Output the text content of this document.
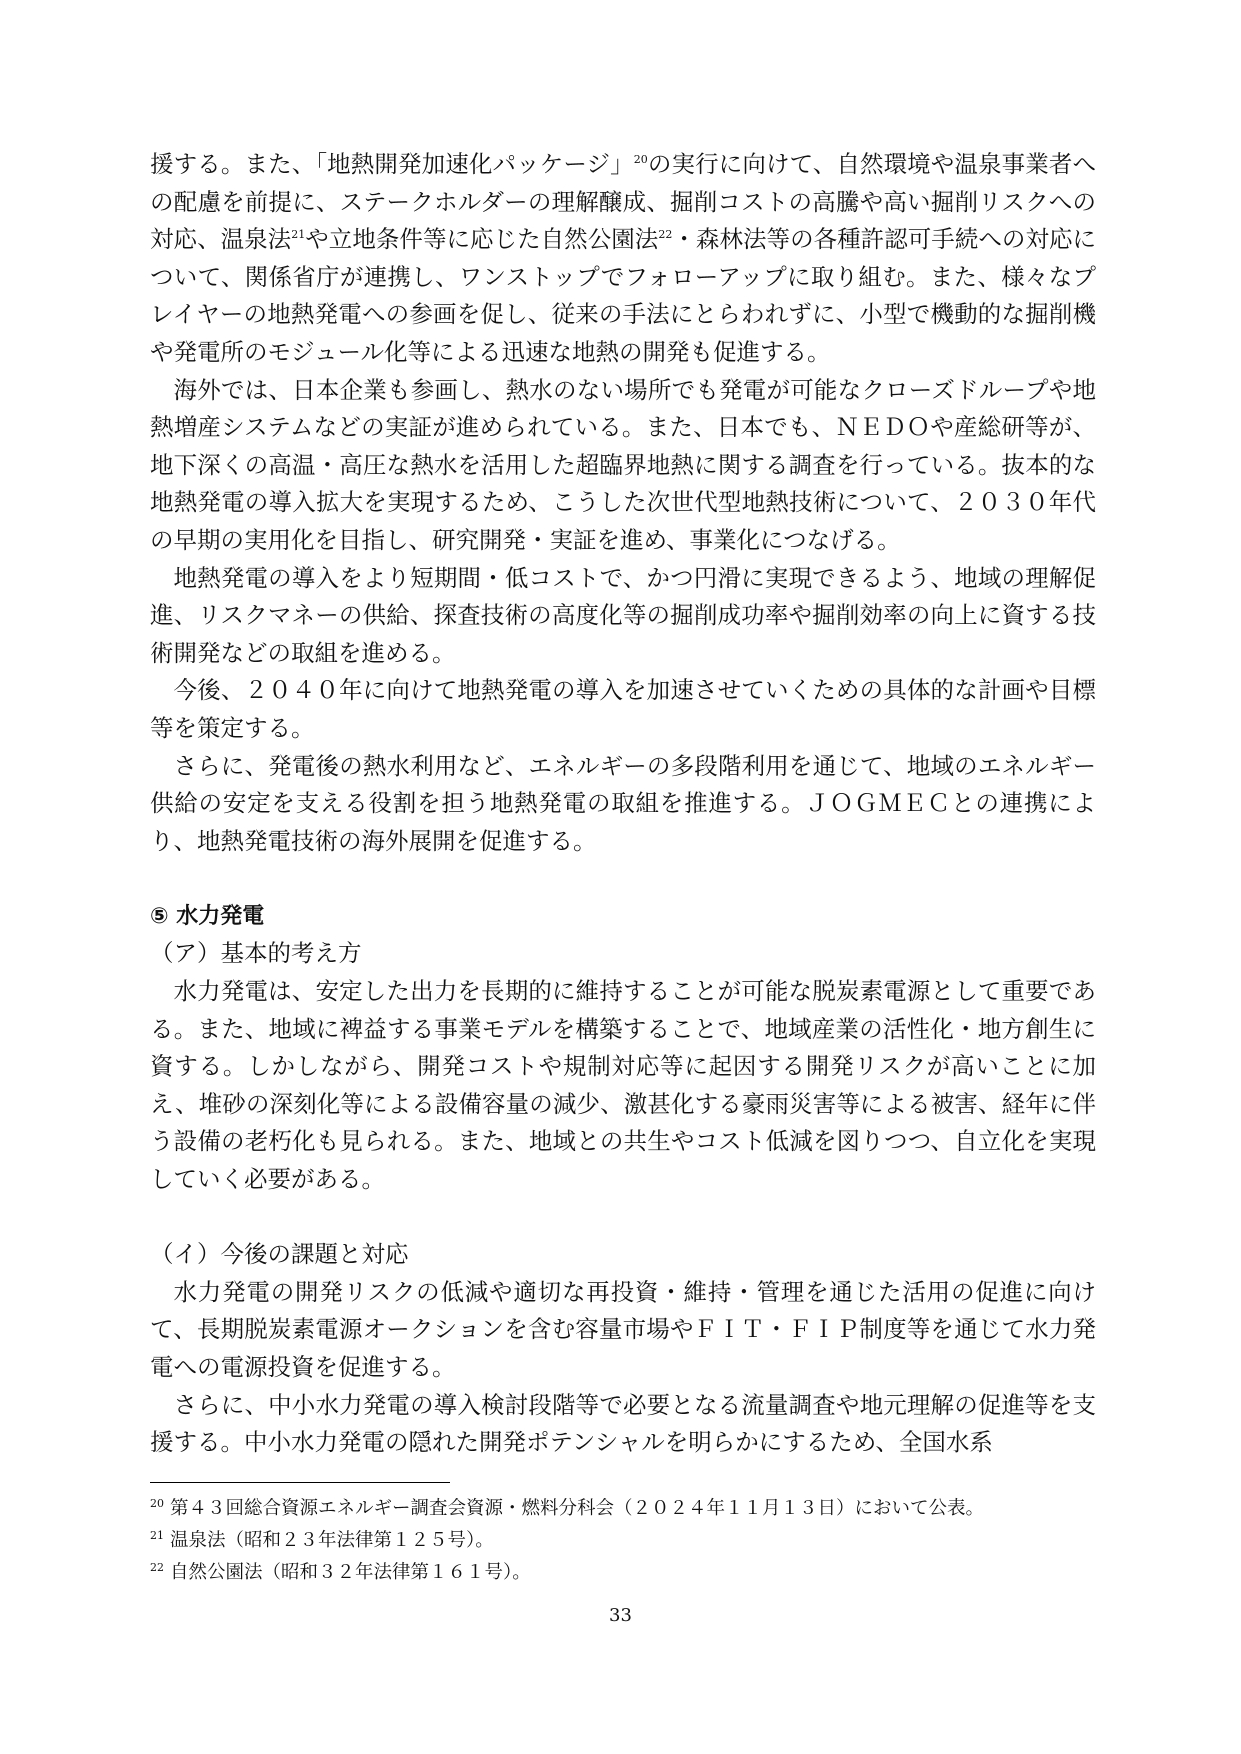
援する。また、「地熱開発加速化パッケージ」$^{20}$の実行に向けて、自然環境や温泉事業者への配慮を前提に、ステークホルダーの理解醸成、掘削コストの高騰や高い掘削リスクへの対応、温泉法$^{21}$や立地条件等に応じた自然公園法$^{22}$・森林法等の各種許認可手続への対応について、関係省庁が連携し、ワンストップでフォローアップに取り組む。また、様々なプレイヤーの地熱発電への参画を促し、従来の手法にとらわれずに、小型で機動的な掘削機や発電所のモジュール化等による迅速な地熱の開発も促進する。

海外では、日本企業も参画し、熱水のない場所でも発電が可能なクローズドループや地熱増産システムなどの実証が進められている。また、日本でも、ＮＥＤＯや産総研等が、地下深くの高温・高圧な熱水を活用した超臨界地熱に関する調査を行っている。抜本的な地熱発電の導入拡大を実現するため、こうした次世代型地熱技術について、２０３０年代の早期の実用化を目指し、研究開発・実証を進め、事業化につなげる。

地熱発電の導入をより短期間・低コストで、かつ円滑に実現できるよう、地域の理解促進、リスクマネーの供給、探査技術の高度化等の掘削成功率や掘削効率の向上に資する技術開発などの取組を進める。

今後、２０４０年に向けて地熱発電の導入を加速させていくための具体的な計画や目標等を策定する。

さらに、発電後の熱水利用など、エネルギーの多段階利用を通じて、地域のエネルギー供給の安定を支える役割を担う地熱発電の取組を推進する。ＪＯＧＭＥＣとの連携により、地熱発電技術の海外展開を促進する。

⑤ 水力発電

（ア）基本的考え方

水力発電は、安定した出力を長期的に維持することが可能な脱炭素電源として重要である。また、地域に裨益する事業モデルを構築することで、地域産業の活性化・地方創生に資する。しかしながら、開発コストや規制対応等に起因する開発リスクが高いことに加え、堆砂の深刻化等による設備容量の減少、激甚化する豪雨災害等による被害、経年に伴う設備の老朽化も見られる。また、地域との共生やコスト低減を図りつつ、自立化を実現していく必要がある。

（イ）今後の課題と対応

水力発電の開発リスクの低減や適切な再投資・維持・管理を通じた活用の促進に向けて、長期脱炭素電源オークションを含む容量市場やＦＩＴ・ＦＩＰ制度等を通じて水力発電への電源投資を促進する。

さらに、中小水力発電の導入検討段階等で必要となる流量調査や地元理解の促進等を支援する。中小水力発電の隠れた開発ポテンシャルを明らかにするため、全国水系

$^{20}$ 第４３回総合資源エネルギー調査会資源・燃料分科会（２０２４年１１月１３日）において公表。

$^{21}$ 温泉法（昭和２３年法律第１２５号）。

$^{22}$ 自然公園法（昭和３２年法律第１６１号）。

33
